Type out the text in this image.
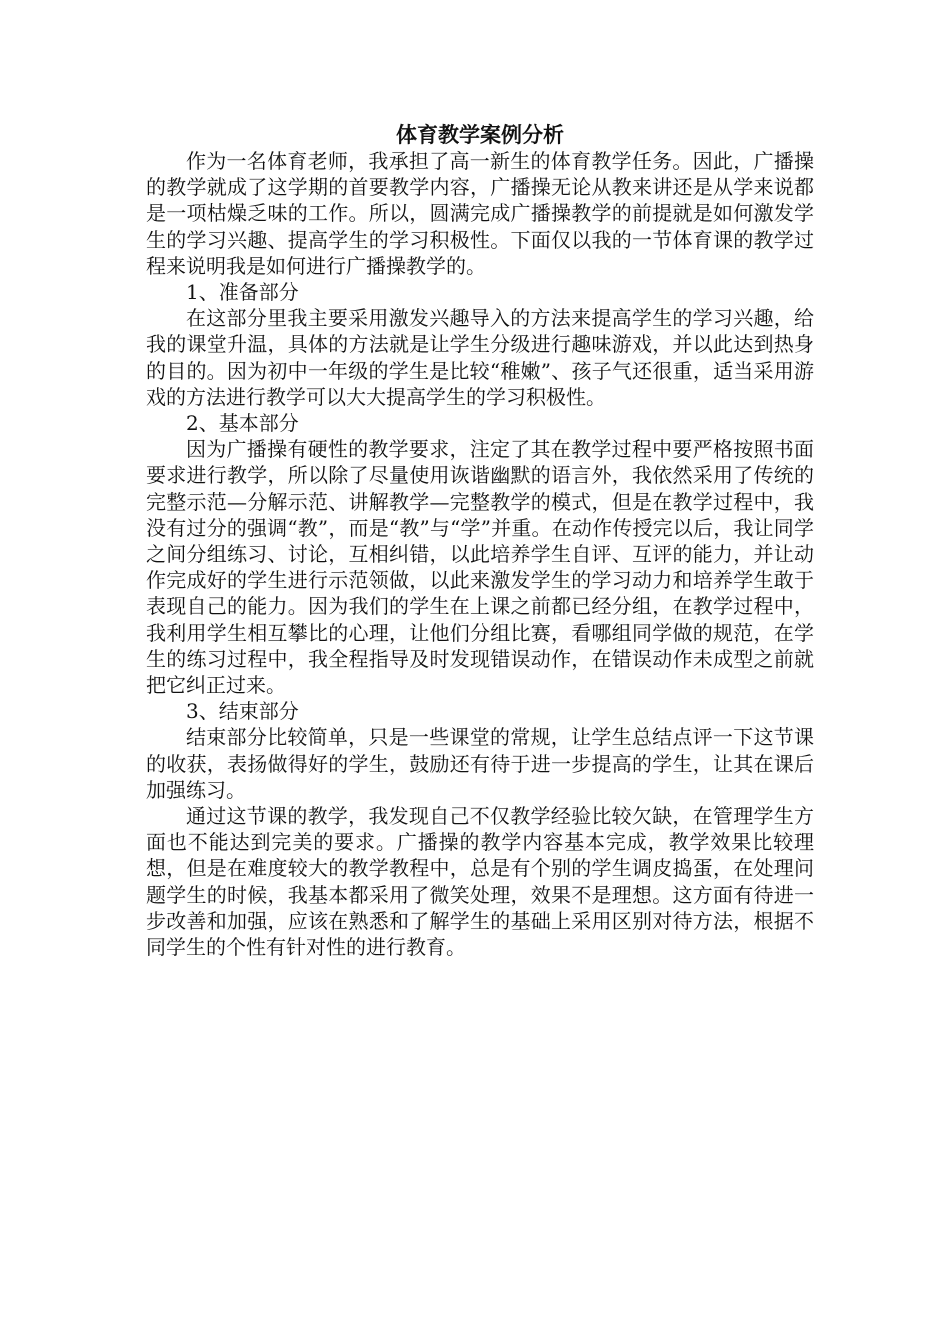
体育教学案例分析

作为一名体育老师，我承担了高一新生的体育教学任务。因此，广播操的教学就成了这学期的首要教学内容，广播操无论从教来讲还是从学来说都是一项枯燥乏味的工作。所以，圆满完成广播操教学的前提就是如何激发学生的学习兴趣、提高学生的学习积极性。下面仅以我的一节体育课的教学过程来说明我是如何进行广播操教学的。

1、准备部分

在这部分里我主要采用激发兴趣导入的方法来提高学生的学习兴趣，给我的课堂升温，具体的方法就是让学生分级进行趣味游戏，并以此达到热身的目的。因为初中一年级的学生是比较“稚嫩”、孩子气还很重，适当采用游戏的方法进行教学可以大大提高学生的学习积极性。

2、基本部分

因为广播操有硬性的教学要求，注定了其在教学过程中要严格按照书面要求进行教学，所以除了尽量使用诙谐幽默的语言外，我依然采用了传统的完整示范—分解示范、讲解教学—完整教学的模式，但是在教学过程中，我没有过分的强调“教”，而是“教”与“学”并重。在动作传授完以后，我让同学之间分组练习、讨论，互相纠错，以此培养学生自评、互评的能力，并让动作完成好的学生进行示范领做，以此来激发学生的学习动力和培养学生敢于表现自己的能力。因为我们的学生在上课之前都已经分组，在教学过程中，我利用学生相互攀比的心理，让他们分组比赛，看哪组同学做的规范，在学生的练习过程中，我全程指导及时发现错误动作，在错误动作未成型之前就把它纠正过来。

3、结束部分

结束部分比较简单，只是一些课堂的常规，让学生总结点评一下这节课的收获，表扬做得好的学生，鼓励还有待于进一步提高的学生，让其在课后加强练习。

通过这节课的教学，我发现自己不仅教学经验比较欠缺，在管理学生方面也不能达到完美的要求。广播操的教学内容基本完成，教学效果比较理想，但是在难度较大的教学教程中，总是有个别的学生调皮捣蛋，在处理问题学生的时候，我基本都采用了微笑处理，效果不是理想。这方面有待进一步改善和加强，应该在熟悉和了解学生的基础上采用区别对待方法，根据不同学生的个性有针对性的进行教育。
